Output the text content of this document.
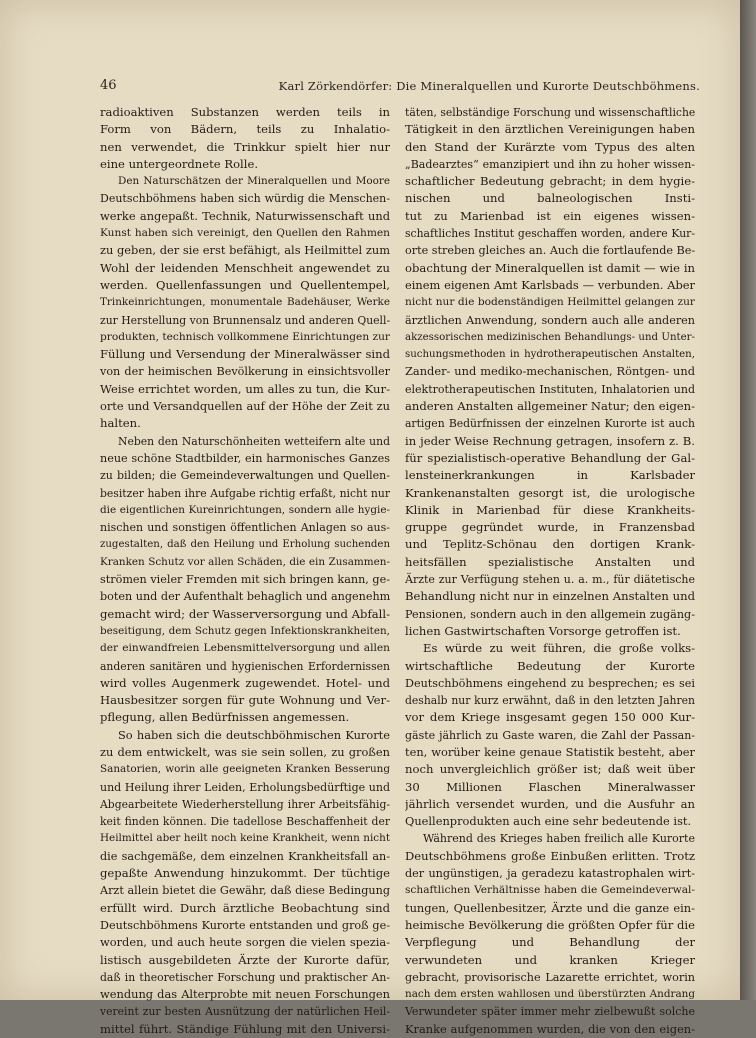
46	Karl Zörkendörfer: Die Mineralquellen und Kurorte Deutschböhmens.
radioaktiven Substanzen werden teils in
Form von Bädern, teils zu Inhalatio-
nen verwendet, die Trinkkur spielt hier nur
eine untergeordnete Rolle.
Den Naturschätzen der Mineralquellen und Moore
Deutschböhmens haben sich würdig die Menschen-
werke angepaßt. Technik, Naturwissenschaft und
Kunst haben sich vereinigt, den Quellen den Rahmen
zu geben, der sie erst befähigt, als Heilmittel zum
Wohl der leidenden Menschheit angewendet zu
werden. Quellenfassungen und Quellentempel,
Trinkeinrichtungen, monumentale Badehäuser, Werke
zur Herstellung von Brunnensalz und anderen Quell-
produkten, technisch vollkommene Einrichtungen zur
Füllung und Versendung der Mineralwässer sind
von der heimischen Bevölkerung in einsichtsvoller
Weise errichtet worden, um alles zu tun, die Kur-
orte und Versandquellen auf der Höhe der Zeit zu
halten.
Neben den Naturschönheiten wetteifern alte und
neue schöne Stadtbilder, ein harmonisches Ganzes
zu bilden; die Gemeindeverwaltungen und Quellen-
besitzer haben ihre Aufgabe richtig erfaßt, nicht nur
die eigentlichen Kureinrichtungen, sondern alle hygie-
nischen und sonstigen öffentlichen Anlagen so aus-
zugestalten, daß den Heilung und Erholung suchenden
Kranken Schutz vor allen Schäden, die ein Zusammen-
strömen vieler Fremden mit sich bringen kann, ge-
boten und der Aufenthalt behaglich und angenehm
gemacht wird; der Wasserversorgung und Abfall-
beseitigung, dem Schutz gegen Infektionskrankheiten,
der einwandfreien Lebensmittelversorgung und allen
anderen sanitären und hygienischen Erfordernissen
wird volles Augenmerk zugewendet. Hotel- und
Hausbesitzer sorgen für gute Wohnung und Ver-
pflegung, allen Bedürfnissen angemessen.
So haben sich die deutschböhmischen Kurorte
zu dem entwickelt, was sie sein sollen, zu großen
Sanatorien, worin alle geeigneten Kranken Besserung
und Heilung ihrer Leiden, Erholungsbedürftige und
Abgearbeitete Wiederherstellung ihrer Arbeitsfähig-
keit finden können. Die tadellose Beschaffenheit der
Heilmittel aber heilt noch keine Krankheit, wenn nicht
die sachgemäße, dem einzelnen Krankheitsfall an-
gepaßte Anwendung hinzukommt. Der tüchtige
Arzt allein bietet die Gewähr, daß diese Bedingung
erfüllt wird. Durch ärztliche Beobachtung sind
Deutschböhmens Kurorte entstanden und groß ge-
worden, und auch heute sorgen die vielen spezia-
listisch ausgebildeten Ärzte der Kurorte dafür,
daß in theoretischer Forschung und praktischer An-
wendung das Alterprobte mit neuen Forschungen
vereint zur besten Ausnützung der natürlichen Heil-
mittel führt. Ständige Fühlung mit den Universi-
täten, selbständige Forschung und wissenschaftliche
Tätigkeit in den ärztlichen Vereinigungen haben
den Stand der Kurärzte vom Typus des alten
„Badearztes“ emanzipiert und ihn zu hoher wissen-
schaftlicher Bedeutung gebracht; in dem hygie-
nischen und balneologischen Insti-
tut zu Marienbad ist ein eigenes wissen-
schaftliches Institut geschaffen worden, andere Kur-
orte streben gleiches an. Auch die fortlaufende Be-
obachtung der Mineralquellen ist damit — wie in
einem eigenen Amt Karlsbads — verbunden. Aber
nicht nur die bodenständigen Heilmittel gelangen zur
ärztlichen Anwendung, sondern auch alle anderen
akzessorischen medizinischen Behandlungs- und Unter-
suchungsmethoden in hydrotherapeutischen Anstalten,
Zander- und mediko-mechanischen, Röntgen- und
elektrotherapeutischen Instituten, Inhalatorien und
anderen Anstalten allgemeiner Natur; den eigen-
artigen Bedürfnissen der einzelnen Kurorte ist auch
in jeder Weise Rechnung getragen, insofern z. B.
für spezialistisch-operative Behandlung der Gal-
lensteinerkrankungen in Karlsbader
Krankenanstalten gesorgt ist, die urologische
Klinik in Marienbad für diese Krankheits-
gruppe gegründet wurde, in Franzensbad
und Teplitz-Schönau den dortigen Krank-
heitsfällen spezialistische Anstalten und
Ärzte zur Verfügung stehen u. a. m., für diätetische
Behandlung nicht nur in einzelnen Anstalten und
Pensionen, sondern auch in den allgemein zugäng-
lichen Gastwirtschaften Vorsorge getroffen ist.
Es würde zu weit führen, die große volks-
wirtschaftliche Bedeutung der Kurorte
Deutschböhmens eingehend zu besprechen; es sei
deshalb nur kurz erwähnt, daß in den letzten Jahren
vor dem Kriege insgesamt gegen 150 000 Kur-
gäste jährlich zu Gaste waren, die Zahl der Passan-
ten, worüber keine genaue Statistik besteht, aber
noch unvergleichlich größer ist; daß weit über
30 Millionen Flaschen Mineralwasser
jährlich versendet wurden, und die Ausfuhr an
Quellenprodukten auch eine sehr bedeutende ist.
Während des Krieges haben freilich alle Kurorte
Deutschböhmens große Einbußen erlitten. Trotz
der ungünstigen, ja geradezu katastrophalen wirt-
schaftlichen Verhältnisse haben die Gemeindeverwal-
tungen, Quellenbesitzer, Ärzte und die ganze ein-
heimische Bevölkerung die größten Opfer für die
Verpflegung und Behandlung der
verwundeten und kranken Krieger
gebracht, provisorische Lazarette errichtet, worin
nach dem ersten wahllosen und überstürzten Andrang
Verwundeter später immer mehr zielbewußt solche
Kranke aufgenommen wurden, die von den eigen-
